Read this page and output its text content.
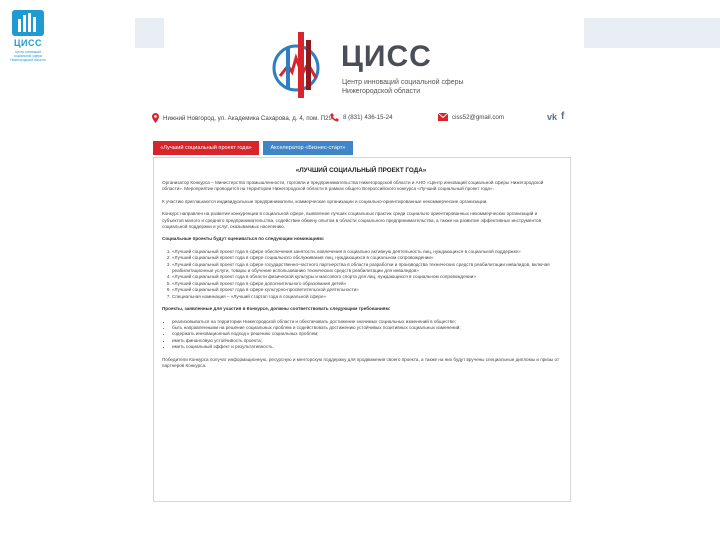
ЦИСС
Центр инноваций социальной сферы Нижегородской области	ЦИСС
Центр инноваций социальной сферы
Нижегородской области
Нижний Новгород, ул. Академика Сахарова, д. 4, пом. П29 8 (831) 436-15-24	ciss52@gmail.com	vk f
«Лучший социальный проект года»	Акселератор «Бизнес-старт»
«ЛУЧШИЙ СОЦИАЛЬНЫЙ ПРОЕКТ ГОДА»

Организатор Конкурса – Министерство промышленности, торговли и предпринимательства Нижегородской области и АНО «Центр инноваций социальной сферы Нижегородской области». Мероприятие проводится на территории Нижегородской области в рамках общего Всероссийского конкурса «Лучший социальный проект года».

К участию приглашаются индивидуальные предприниматели, коммерческие организации и социально-ориентированные некоммерческие организации.

Конкурс направлен на развитие конкуренции в социальной сфере, выявление лучших социальных практик среди социально ориентированных некоммерческих организаций и субъектов малого и среднего предпринимательства, содействие обмену опытом в области социального предпринимательства, а также на развитие эффективных инструментов социальной поддержки и услуг, оказываемых населению.

Социальные проекты будут оцениваться по следующим номинациям:

1. «Лучший социальный проект года в сфере обеспечения занятости, вовлечения в социально активную деятельность лиц, нуждающихся в социальной поддержке»
2. «Лучший социальный проект года в сфере социального обслуживания лиц, нуждающихся в социальном сопровождении»
3. «Лучший социальный проект года в сфере государственно-частного партнерства в области разработки и производства технических средств реабилитации инвалидов, включая реабилитационные услуги, товары и обучение использованию технических средств реабилитации для инвалидов»
4. «Лучший социальный проект года в области физической культуры и массового спорта для лиц, нуждающихся в социальном сопровождении»
5. «Лучший социальный проект года в сфере дополнительного образования детей»
6. «Лучший социальный проект года в сфере культурно-просветительской деятельности»
7. Специальная номинация – «Лучший стартап года в социальной сфере»

Проекты, заявленные для участия в Конкурсе, должны соответствовать следующим требованиям:

• реализовываться на территории Нижегородской области и обеспечивать достижение значимых социальных изменений в обществе;
• быть направленными на решение социальных проблем и содействовать достижению устойчивых позитивных социальных изменений;
• содержать инновационный подход к решению социальных проблем;
• иметь финансовую устойчивость проекта;
• иметь социальный эффект и результативность.

Победители Конкурса получат информационную, ресурсную и менторскую поддержку для продвижения своего проекта, а также на них будут вручены специальные дипломы и призы от партнеров Конкурса.
